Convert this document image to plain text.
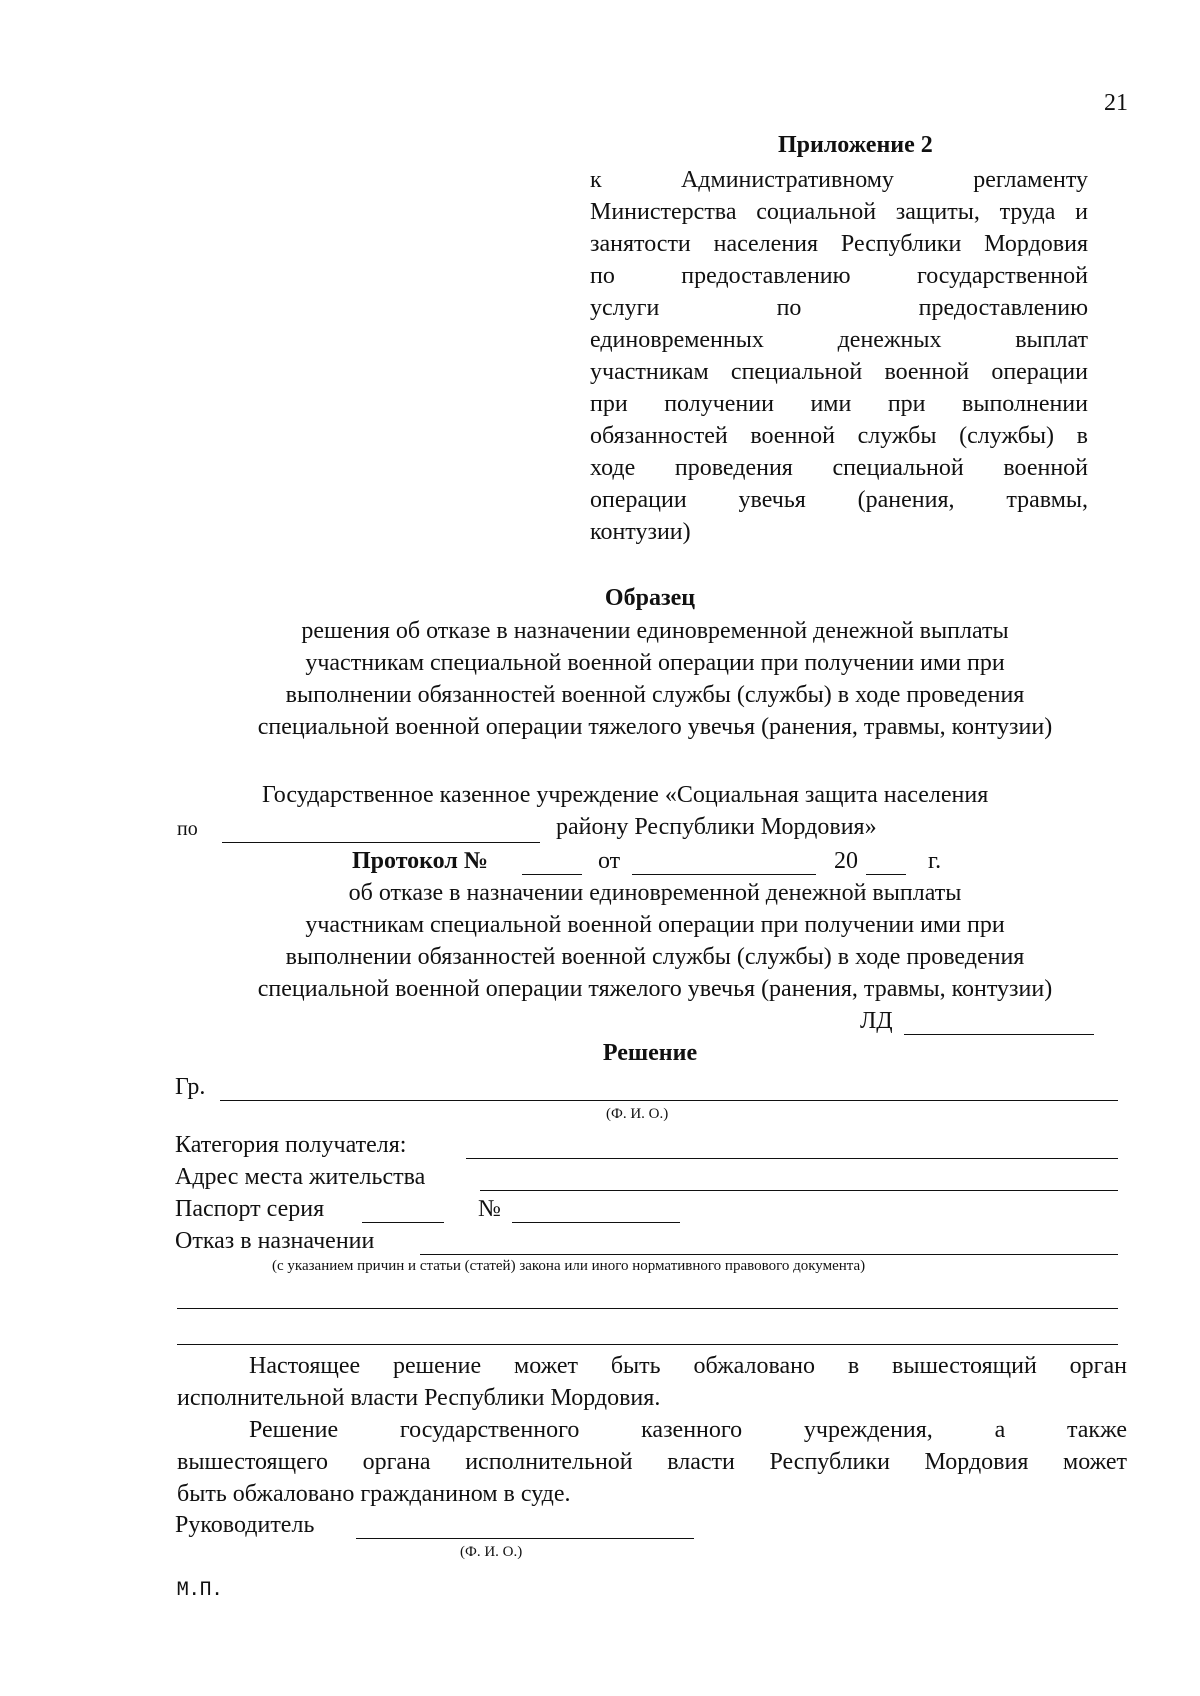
21
Приложение 2
к Административному регламенту
Министерства социальной защиты, труда и
занятости населения Республики Мордовия
по предоставлению государственной
услуги по предоставлению
единовременных денежных выплат
участникам специальной военной операции
при получении ими при выполнении
обязанностей военной службы (службы) в
ходе проведения специальной военной
операции увечья (ранения, травмы,
контузии)
Образец
решения об отказе в назначении единовременной денежной выплаты
участникам специальной военной операции при получении ими при
выполнении обязанностей военной службы (службы) в ходе проведения
специальной военной операции тяжелого увечья (ранения, травмы, контузии)
Государственное казенное учреждение «Социальная защита населения
по	району Республики Мордовия»
Протокол №	от	20	г.
об отказе в назначении единовременной денежной выплаты
участникам специальной военной операции при получении ими при
выполнении обязанностей военной службы (службы) в ходе проведения
специальной военной операции тяжелого увечья (ранения, травмы, контузии)
ЛД
Решение
Гр.
(Ф. И. О.)
Категория получателя:
Адрес места жительства
Паспорт серия	№
Отказ в назначении
(с указанием причин и статьи (статей) закона или иного нормативного правового документа)
Настоящее решение может быть обжаловано в вышестоящий орган
исполнительной власти Республики Мордовия.
Решение государственного казенного учреждения, а также
вышестоящего органа исполнительной власти Республики Мордовия может
быть обжаловано гражданином в суде.
Руководитель
(Ф. И. О.)
М.П.
